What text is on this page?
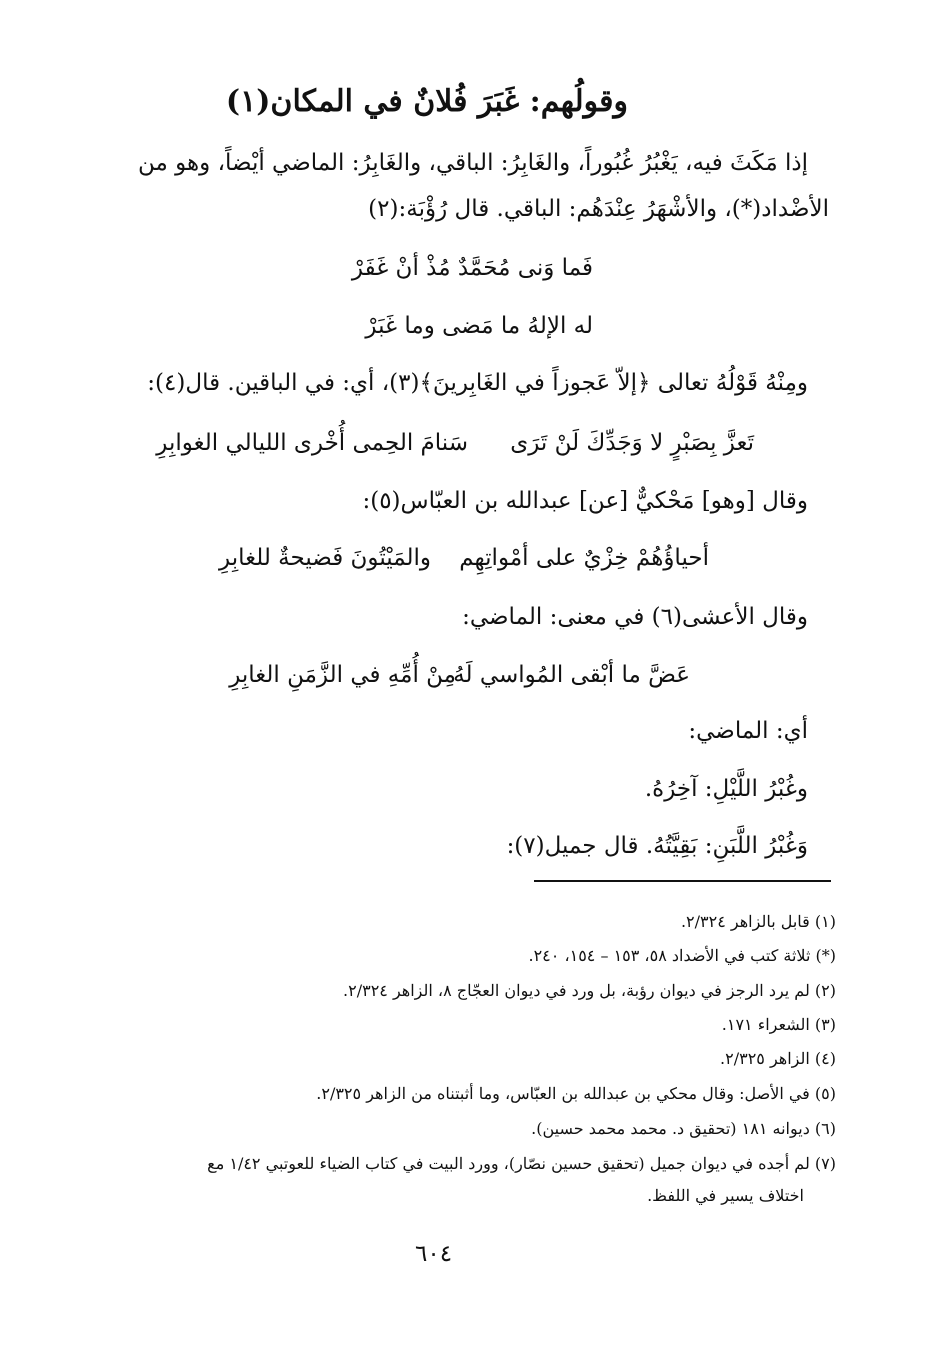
وقولُهم: غَبَرَ فُلانٌ في المكان(١)
إذا مَكَثَ فيه، يَغْبُرُ غُبُوراً، والغَابِرُ: الباقي، والغَابِرُ: الماضي أيْضاً، وهو من
الأضْداد(*)، والأشْهَرُ عِنْدَهُم: الباقي. قال رُؤْبَة:(٢)
فَما وَنى مُحَمَّدٌ مُذْ أنْ غَفَرْ
له الإلهُ ما مَضى وما غَبَرْ
ومِنْهُ قَوْلُهُ تعالى ﴿إلاّ عَجوزاً في الغَابِرينَ﴾(٣)، أي: في الباقين. قال(٤):
تَعزَّ بِصَبْرٍ لا وَجَدِّكَ لَنْ تَرَى
سَنامَ الحِمى أُخْرى الليالي الغوابِرِ
وقال [وهو] مَحْكيٌّ [عن] عبدالله بن العبّاس(٥):
أحياؤُهُمْ خِزْيٌ على أمْواتِهِم
والمَيْتُونَ فَضيحةٌ للغابِرِ
وقال الأعشى(٦) في معنى: الماضي:
عَضَّ ما أبْقى المُواسي لَهُ
مِنْ أُمِّهِ في الزَّمَنِ الغابِرِ
أي: الماضي:
وغُبْرُ اللَّيْلِ: آخِرُهُ.
وَغُبْرُ اللَّبَنِ: بَقِيَّتُهُ. قال جميل(٧):
(١) قابل بالزاهر ٢/٣٢٤.
(*) ثلاثة كتب في الأضداد ٥٨، ١٥٣ – ١٥٤، ٢٤٠.
(٢) لم يرد الرجز في ديوان رؤبة، بل ورد في ديوان العجّاج ٨، الزاهر ٢/٣٢٤.
(٣) الشعراء ١٧١.
(٤) الزاهر ٢/٣٢٥.
(٥) في الأصل: وقال محكي بن عبدالله بن العبّاس، وما أثبتناه من الزاهر ٢/٣٢٥.
(٦) ديوانه ١٨١ (تحقيق د. محمد محمد حسين).
(٧) لم أجده في ديوان جميل (تحقيق حسين نصّار)، وورد البيت في كتاب الضياء للعوتبي ١/٤٢ مع
اختلاف يسير في اللفظ.
٦٠٤
